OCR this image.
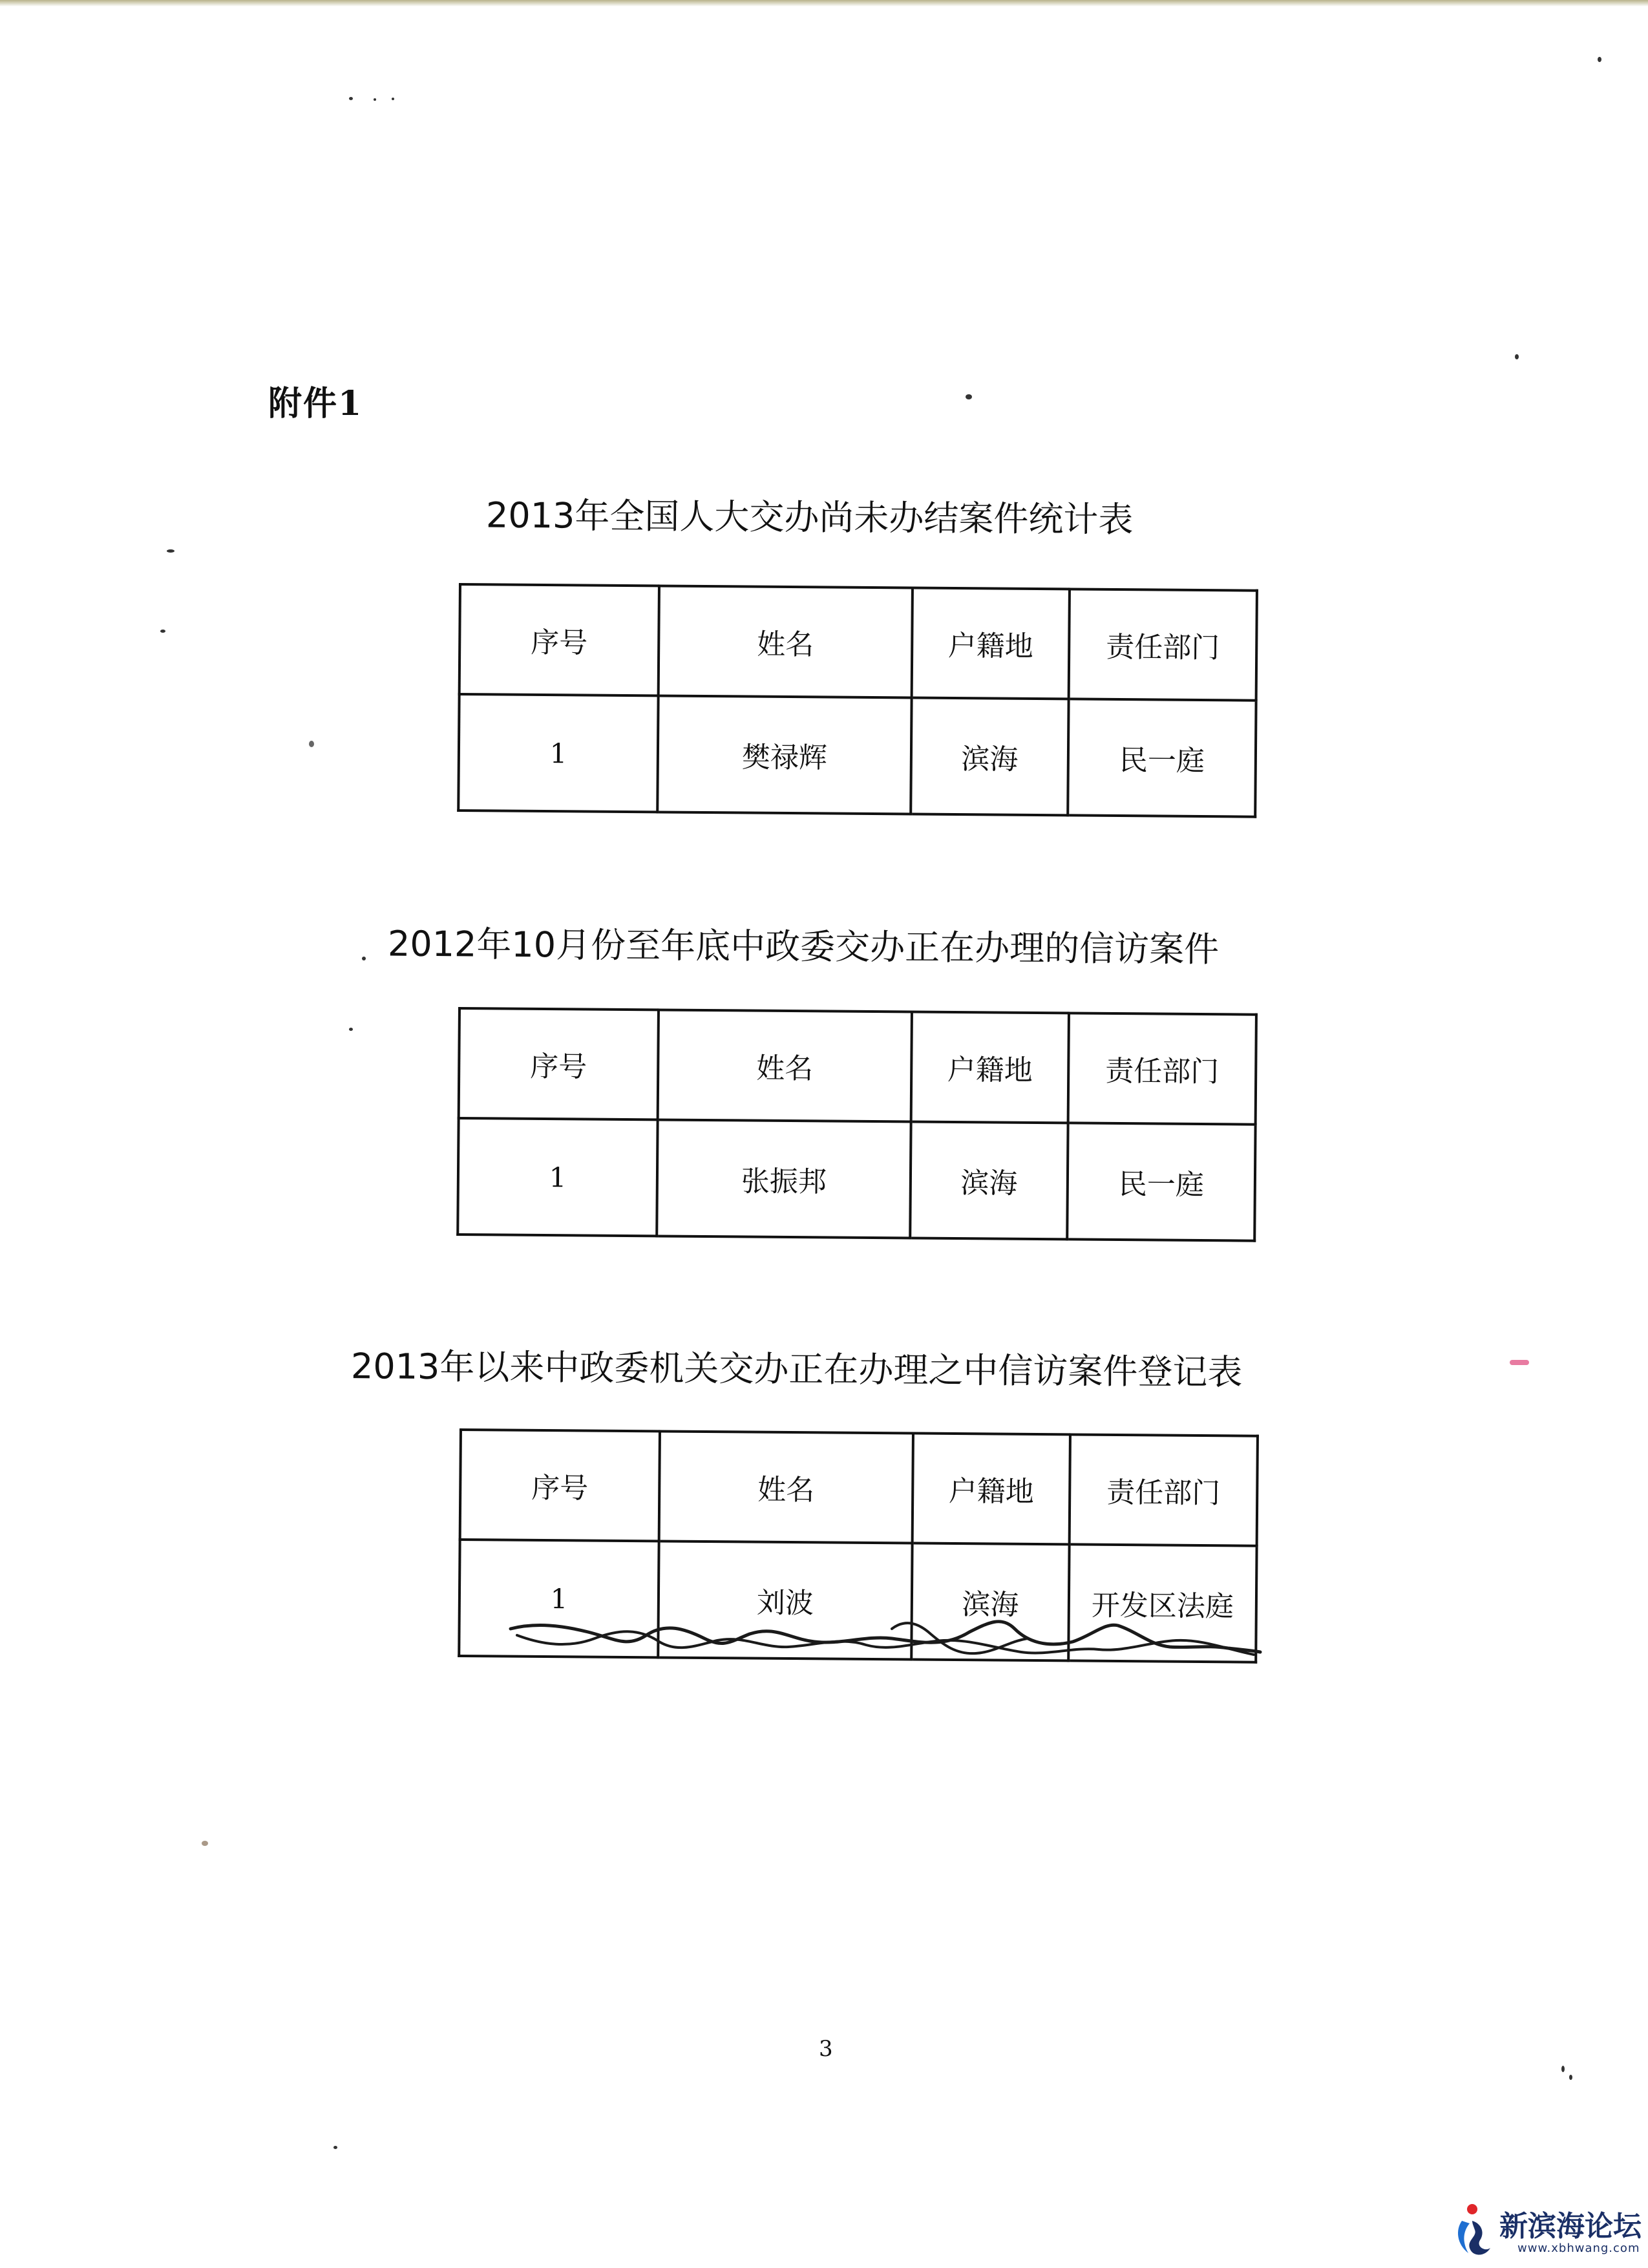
附件1
2013年全国人大交办尚未办结案件统计表
序号	姓名	户籍地	责任部门
1	樊禄辉	滨海	民一庭
2012年10月份至年底中政委交办正在办理的信访案件
序号	姓名	户籍地	责任部门
1	张振邦	滨海	民一庭
2013年以来中政委机关交办正在办理之中信访案件登记表
序号	姓名	户籍地	责任部门
1	刘波	滨海	开发区法庭
3
新滨海论坛
www.xbhwang.com
